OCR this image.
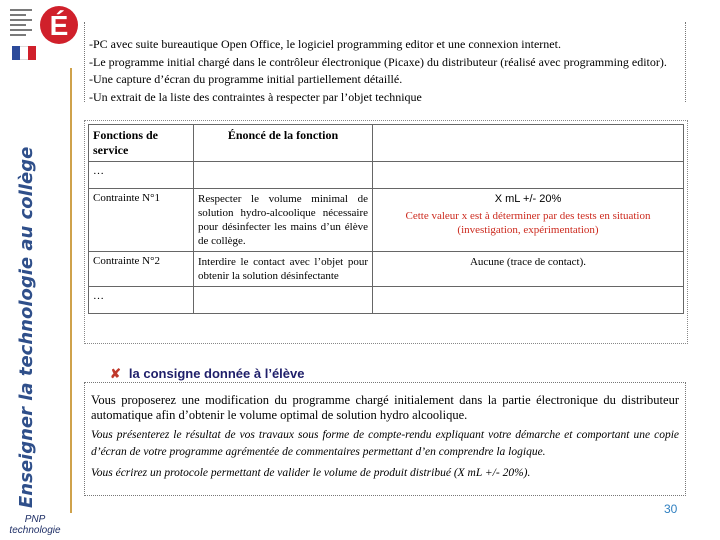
É
Enseigner la technologie au collège
PNP
technologie
-PC avec suite bureautique Open Office, le logiciel programming editor et une connexion internet.
-Le programme initial chargé dans le contrôleur électronique (Picaxe) du distributeur (réalisé avec programming editor).
-Une capture d’écran du programme initial partiellement détaillé.
-Un extrait de la liste des contraintes à respecter par l’objet technique
Fonctions de service	Énoncé de la fonction	
…		
Contrainte N°1	Respecter le volume minimal de solution hydro-alcoolique nécessaire pour désinfecter les mains d’un élève de collège.	X mL +/- 20%
Cette valeur x est à déterminer par des tests en situation (investigation, expérimentation)

Contrainte N°2	Interdire le contact avec l’objet pour obtenir la solution désinfectante	Aucune (trace de contact).
…		
✘ la consigne donnée à l’élève
Vous proposerez une modification du programme chargé initialement dans la partie électronique du distributeur automatique afin d’obtenir le volume optimal de solution hydro alcoolique.
Vous présenterez le résultat de vos travaux sous forme de compte-rendu expliquant votre démarche et comportant une copie d’écran de votre programme agrémentée de commentaires permettant d’en comprendre la logique.
Vous écrirez un protocole permettant de valider le volume de produit distribué (X mL +/- 20%).
30
